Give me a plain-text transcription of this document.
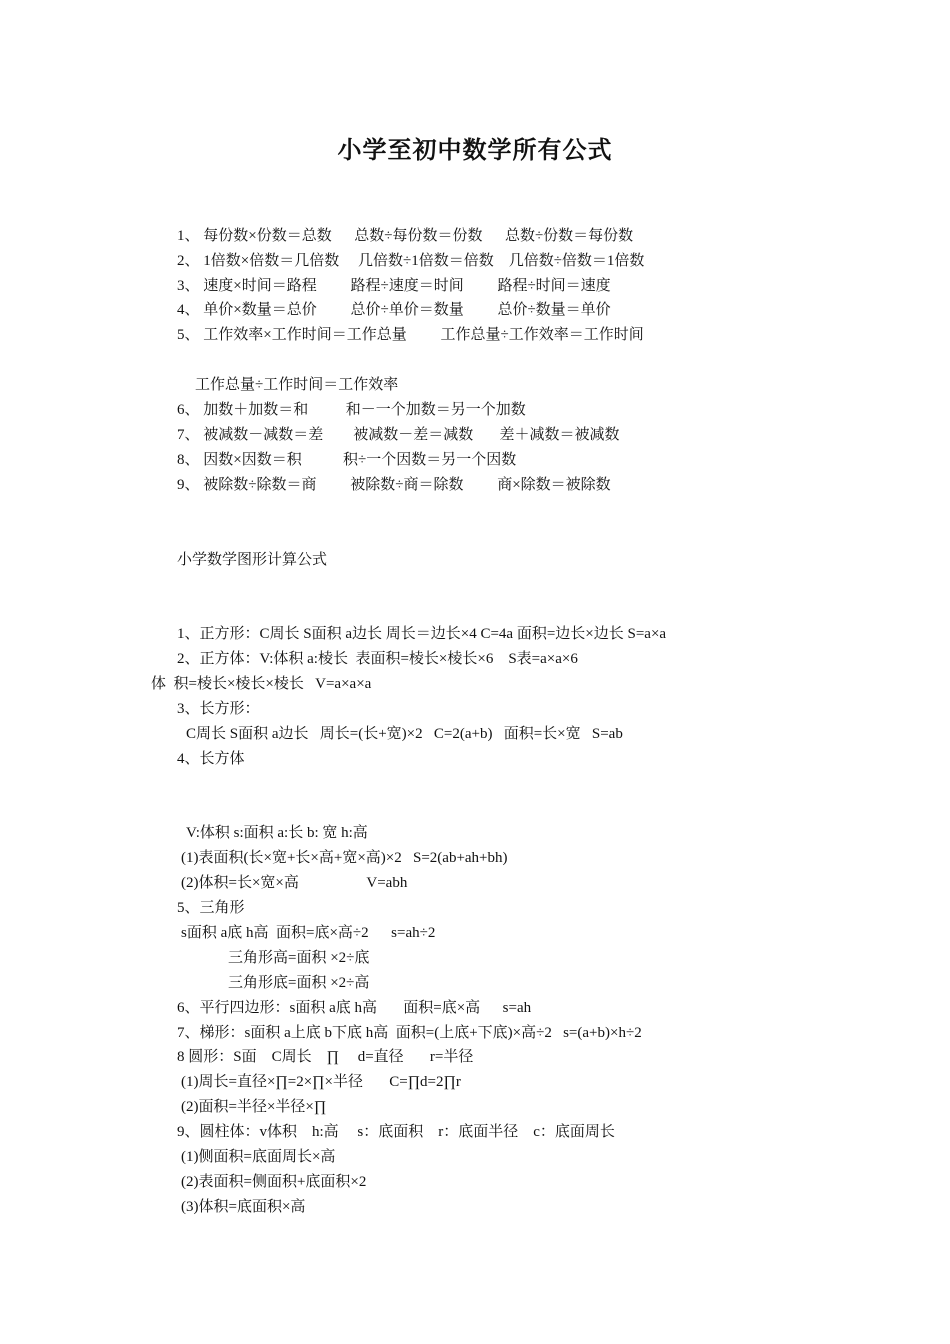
小学至初中数学所有公式
1、 每份数×份数＝总数      总数÷每份数＝份数      总数÷份数＝每份数
2、 1倍数×倍数＝几倍数     几倍数÷1倍数＝倍数    几倍数÷倍数＝1倍数
3、 速度×时间＝路程         路程÷速度＝时间         路程÷时间＝速度
4、 单价×数量＝总价         总价÷单价＝数量         总价÷数量＝单价
5、 工作效率×工作时间＝工作总量         工作总量÷工作效率＝工作时间
工作总量÷工作时间＝工作效率
6、 加数＋加数＝和          和－一个加数＝另一个加数
7、 被减数－减数＝差        被减数－差＝减数       差＋减数＝被减数
8、 因数×因数＝积           积÷一个因数＝另一个因数
9、 被除数÷除数＝商         被除数÷商＝除数         商×除数＝被除数
小学数学图形计算公式
1、正方形：C周长 S面积 a边长 周长＝边长×4 C=4a 面积=边长×边长 S=a×a
2、正方体：V:体积 a:棱长  表面积=棱长×棱长×6    S表=a×a×6
体  积=棱长×棱长×棱长   V=a×a×a
3、长方形：
C周长 S面积 a边长   周长=(长+宽)×2   C=2(a+b)   面积=长×宽   S=ab
4、长方体
V:体积 s:面积 a:长 b: 宽 h:高
(1)表面积(长×宽+长×高+宽×高)×2   S=2(ab+ah+bh)
(2)体积=长×宽×高                  V=abh
5、三角形
s面积 a底 h高  面积=底×高÷2      s=ah÷2
三角形高=面积 ×2÷底
三角形底=面积 ×2÷高
6、平行四边形：s面积 a底 h高       面积=底×高      s=ah
7、梯形：s面积 a上底 b下底 h高  面积=(上底+下底)×高÷2   s=(a+b)×h÷2
8 圆形：S面    C周长    ∏     d=直径       r=半径
(1)周长=直径×∏=2×∏×半径       C=∏d=2∏r
(2)面积=半径×半径×∏
9、圆柱体：v体积    h:高     s：底面积    r：底面半径    c：底面周长
(1)侧面积=底面周长×高
(2)表面积=侧面积+底面积×2
(3)体积=底面积×高
